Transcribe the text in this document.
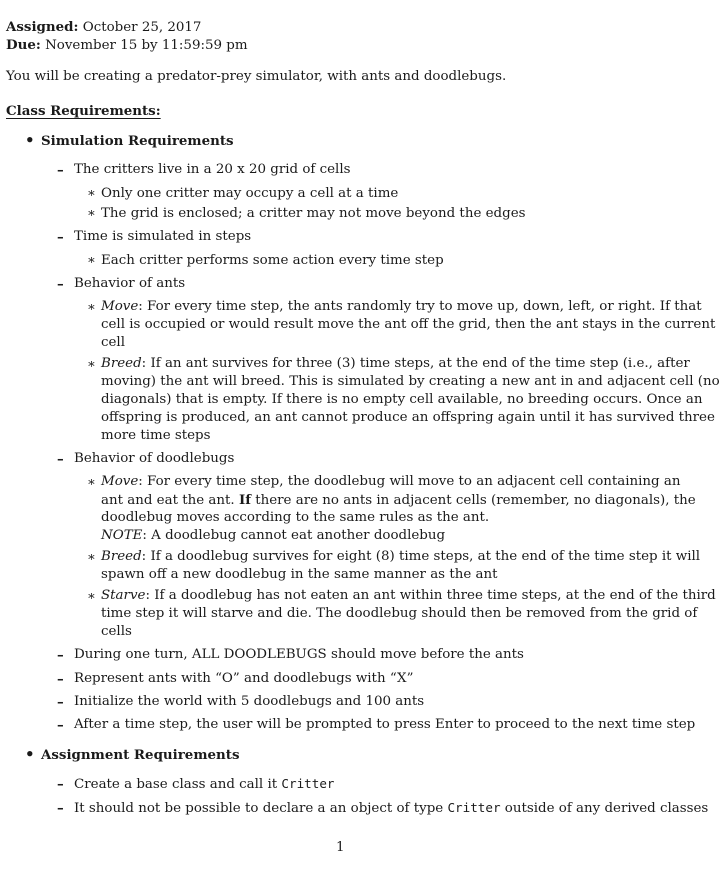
Assigned: October 25, 2017
Due: November 15 by 11:59:59 pm
You will be creating a predator-prey simulator, with ants and doodlebugs.
Class Requirements:
• Simulation Requirements
– The critters live in a 20 x 20 grid of cells
∗ Only one critter may occupy a cell at a time
∗ The grid is enclosed; a critter may not move beyond the edges
– Time is simulated in steps
∗ Each critter performs some action every time step
– Behavior of ants
∗ Move: For every time step, the ants randomly try to move up, down, left, or right. If that
cell is occupied or would result move the ant off the grid, then the ant stays in the current
cell
∗ Breed: If an ant survives for three (3) time steps, at the end of the time step (i.e., after
moving) the ant will breed. This is simulated by creating a new ant in and adjacent cell (no
diagonals) that is empty. If there is no empty cell available, no breeding occurs. Once an
offspring is produced, an ant cannot produce an offspring again until it has survived three
more time steps
– Behavior of doodlebugs
∗ Move: For every time step, the doodlebug will move to an adjacent cell containing an
ant and eat the ant. If there are no ants in adjacent cells (remember, no diagonals), the
doodlebug moves according to the same rules as the ant.
NOTE: A doodlebug cannot eat another doodlebug
∗ Breed: If a doodlebug survives for eight (8) time steps, at the end of the time step it will
spawn off a new doodlebug in the same manner as the ant
∗ Starve: If a doodlebug has not eaten an ant within three time steps, at the end of the third
time step it will starve and die. The doodlebug should then be removed from the grid of
cells
– During one turn, ALL DOODLEBUGS should move before the ants
– Represent ants with “O” and doodlebugs with “X”
– Initialize the world with 5 doodlebugs and 100 ants
– After a time step, the user will be prompted to press Enter to proceed to the next time step
• Assignment Requirements
– Create a base class and call it Critter
– It should not be possible to declare a an object of type Critter outside of any derived classes
1
